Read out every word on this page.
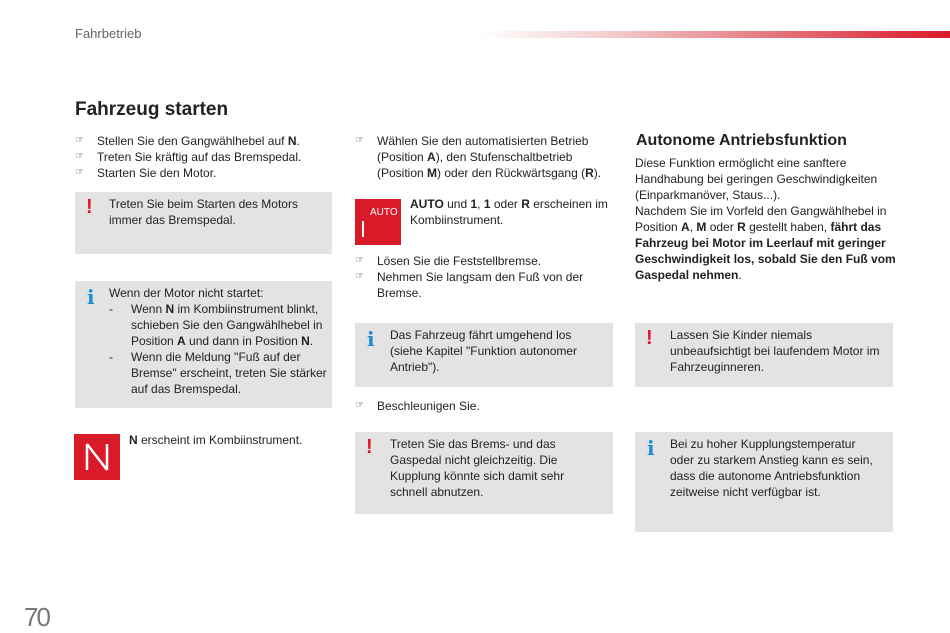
Fahrbetrieb
Fahrzeug starten
☞ Stellen Sie den Gangwählhebel auf N.
☞ Treten Sie kräftig auf das Bremspedal.
☞ Starten Sie den Motor.
! Treten Sie beim Starten des Motors immer das Bremspedal.
i Wenn der Motor nicht startet:
- Wenn N im Kombiinstrument blinkt, schieben Sie den Gangwählhebel in Position A und dann in Position N.
- Wenn die Meldung "Fuß auf der Bremse" erscheint, treten Sie stärker auf das Bremspedal.
N erscheint im Kombiinstrument.
☞ Wählen Sie den automatisierten Betrieb (Position A), den Stufenschaltbetrieb (Position M) oder den Rückwärtsgang (R).
AUTO
AUTO und 1, 1 oder R erscheinen im Kombiinstrument.
☞ Lösen Sie die Feststellbremse.
☞ Nehmen Sie langsam den Fuß von der Bremse.
i Das Fahrzeug fährt umgehend los (siehe Kapitel "Funktion autonomer Antrieb").
☞ Beschleunigen Sie.
! Treten Sie das Brems- und das Gaspedal nicht gleichzeitig. Die Kupplung könnte sich damit sehr schnell abnutzen.
Autonome Antriebsfunktion
Diese Funktion ermöglicht eine sanftere Handhabung bei geringen Geschwindigkeiten (Einparkmanöver, Staus...).
Nachdem Sie im Vorfeld den Gangwählhebel in Position A, M oder R gestellt haben, fährt das Fahrzeug bei Motor im Leerlauf mit geringer Geschwindigkeit los, sobald Sie den Fuß vom Gaspedal nehmen.
! Lassen Sie Kinder niemals unbeaufsichtigt bei laufendem Motor im Fahrzeuginneren.
i Bei zu hoher Kupplungstemperatur oder zu starkem Anstieg kann es sein, dass die autonome Antriebsfunktion zeitweise nicht verfügbar ist.
70
